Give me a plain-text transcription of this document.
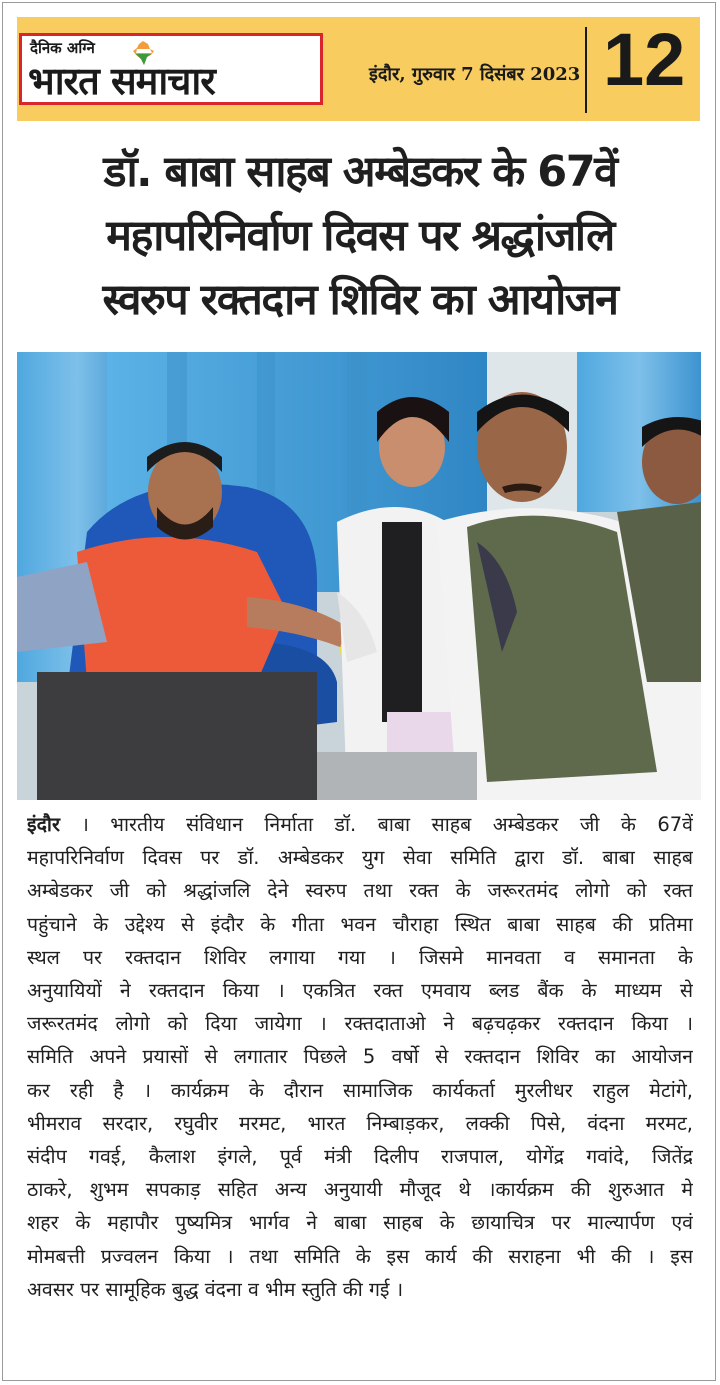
दैनिक अग्नि
भारत समाचार	इंदौर, गुरुवार 7 दिसंबर 2023 12
डॉ. बाबा साहब अम्बेडकर के 67वें
महापरिनिर्वाण दिवस पर श्रद्धांजलि
स्वरुप रक्तदान शिविर का आयोजन
इंदौर । भारतीय संविधान निर्माता डॉ. बाबा साहब अम्बेडकर जी के 67वें
महापरिनिर्वाण दिवस पर डॉ. अम्बेडकर युग सेवा समिति द्वारा डॉ. बाबा साहब
अम्बेडकर जी को श्रद्धांजलि देने स्वरुप तथा रक्त के जरूरतमंद लोगो को रक्त
पहुंचाने के उद्देश्य से इंदौर के गीता भवन चौराहा स्थित बाबा साहब की प्रतिमा
स्थल पर रक्तदान शिविर लगाया गया । जिसमे मानवता व समानता के
अनुयायियों ने रक्तदान किया । एकत्रित रक्त एमवाय ब्लड बैंक के माध्यम से
जरूरतमंद लोगो को दिया जायेगा । रक्तदाताओ ने बढ़चढ़कर रक्तदान किया ।
समिति अपने प्रयासों से लगातार पिछले 5 वर्षो से रक्तदान शिविर का आयोजन
कर रही है । कार्यक्रम के दौरान सामाजिक कार्यकर्ता मुरलीधर राहुल मेटांगे,
भीमराव सरदार, रघुवीर मरमट, भारत निम्बाड़कर, लक्की पिसे, वंदना मरमट,
संदीप गवई, कैलाश इंगले, पूर्व मंत्री दिलीप राजपाल, योगेंद्र गवांदे, जितेंद्र
ठाकरे, शुभम सपकाड़ सहित अन्य अनुयायी मौजूद थे ।कार्यक्रम की शुरुआत मे
शहर के महापौर पुष्यमित्र भार्गव ने बाबा साहब के छायाचित्र पर माल्यार्पण एवं
मोमबत्ती प्रज्वलन किया । तथा समिति के इस कार्य की सराहना भी की । इस
अवसर पर सामूहिक बुद्ध वंदना व भीम स्तुति की गई ।
